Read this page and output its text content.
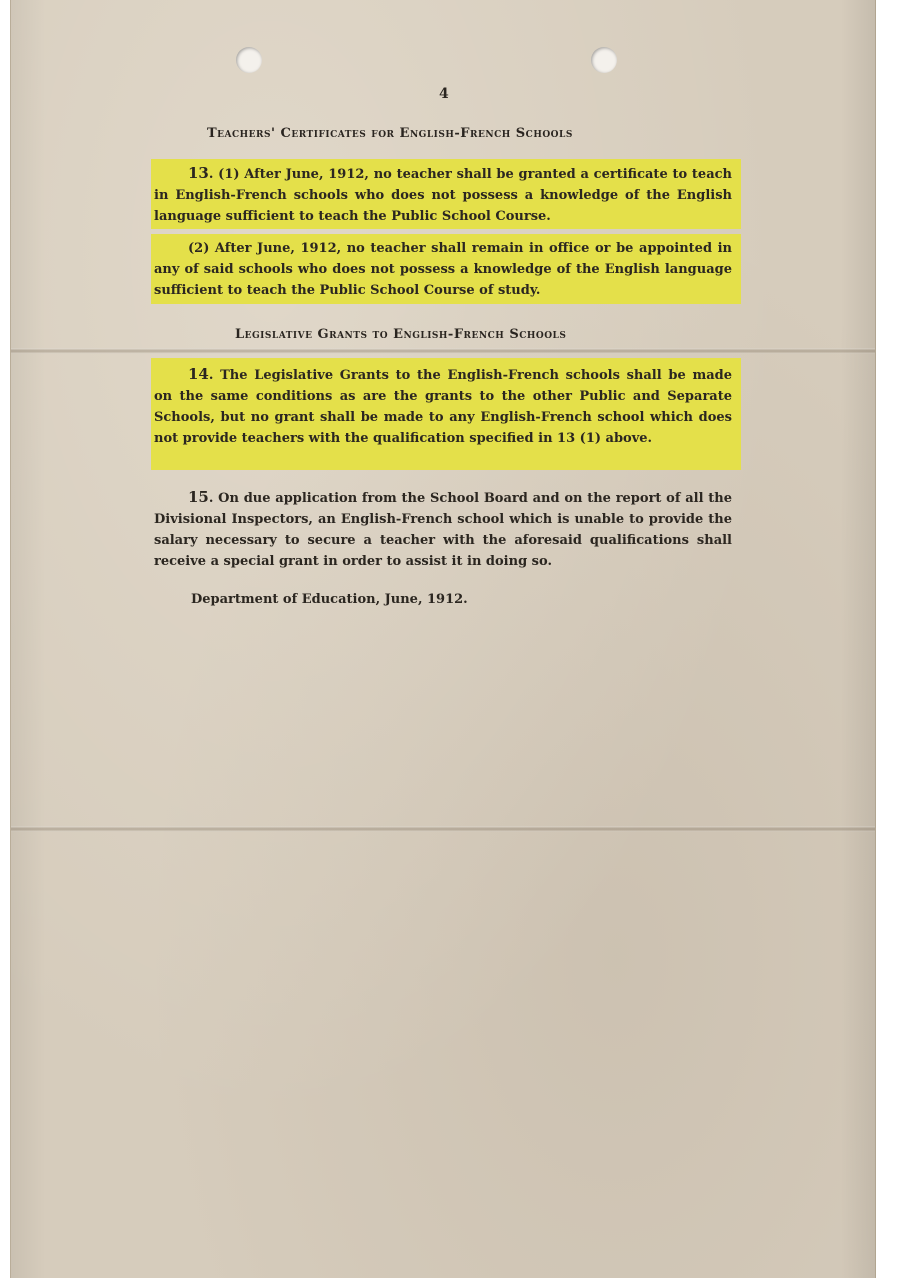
4
Teachers' Certificates for English-French Schools
13. (1) After June, 1912, no teacher shall be granted a certificate to teach in English-French schools who does not possess a knowledge of the English language sufficient to teach the Public School Course.
(2) After June, 1912, no teacher shall remain in office or be appointed in any of said schools who does not possess a knowledge of the English language sufficient to teach the Public School Course of study.
Legislative Grants to English-French Schools
14. The Legislative Grants to the English-French schools shall be made on the same conditions as are the grants to the other Public and Separate Schools, but no grant shall be made to any English-French school which does not provide teachers with the qualification specified in 13 (1) above.
15. On due application from the School Board and on the report of all the Divisional Inspectors, an English-French school which is unable to provide the salary necessary to secure a teacher with the aforesaid qualifications shall receive a special grant in order to assist it in doing so.
Department of Education, June, 1912.
